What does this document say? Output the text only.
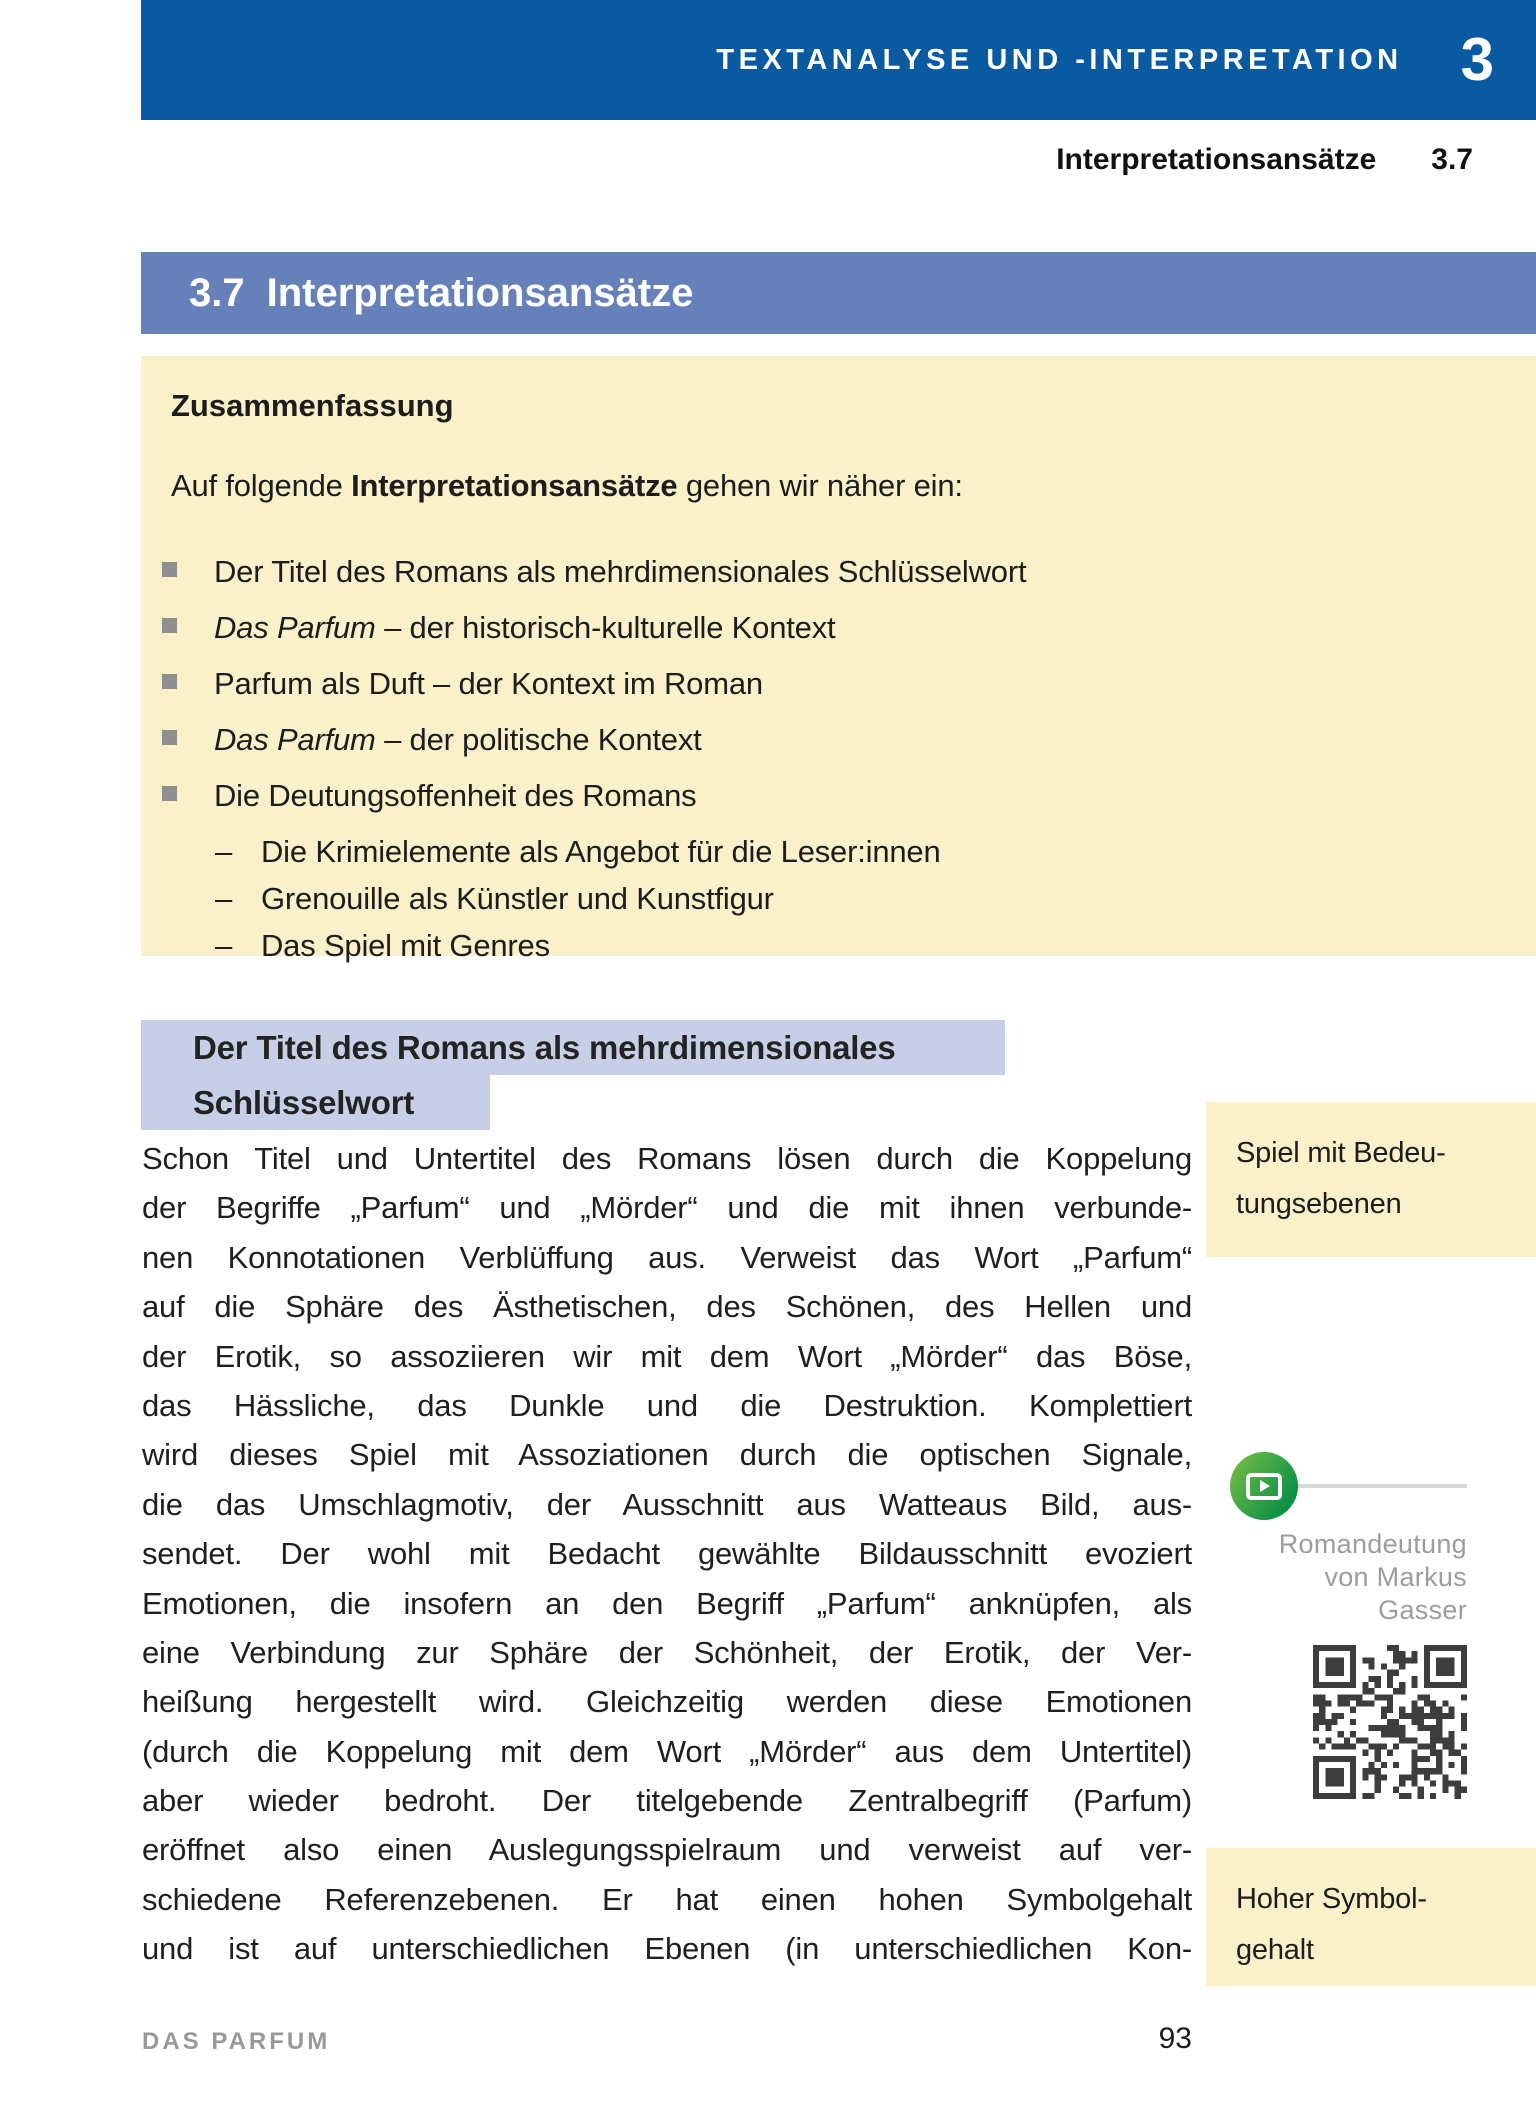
TEXTANALYSE UND -INTERPRETATION 3
Interpretationsansätze 3.7
3.7 Interpretationsansätze
Zusammenfassung
Auf folgende Interpretationsansätze gehen wir näher ein:
Der Titel des Romans als mehrdimensionales Schlüsselwort
Das Parfum – der historisch-kulturelle Kontext
Parfum als Duft – der Kontext im Roman
Das Parfum – der politische Kontext
Die Deutungsoffenheit des Romans
– Die Krimielemente als Angebot für die Leser:innen
– Grenouille als Künstler und Kunstfigur
– Das Spiel mit Genres
Der Titel des Romans als mehrdimensionales
Schlüsselwort
Schon Titel und Untertitel des Romans lösen durch die Koppelung
der Begriffe „Parfum“ und „Mörder“ und die mit ihnen verbunde-
nen Konnotationen Verblüffung aus. Verweist das Wort „Parfum“
auf die Sphäre des Ästhetischen, des Schönen, des Hellen und
der Erotik, so assoziieren wir mit dem Wort „Mörder“ das Böse,
das Hässliche, das Dunkle und die Destruktion. Komplettiert
wird dieses Spiel mit Assoziationen durch die optischen Signale,
die das Umschlagmotiv, der Ausschnitt aus Watteaus Bild, aus-
sendet. Der wohl mit Bedacht gewählte Bildausschnitt evoziert
Emotionen, die insofern an den Begriff „Parfum“ anknüpfen, als
eine Verbindung zur Sphäre der Schönheit, der Erotik, der Ver-
heißung hergestellt wird. Gleichzeitig werden diese Emotionen
(durch die Koppelung mit dem Wort „Mörder“ aus dem Untertitel)
aber wieder bedroht. Der titelgebende Zentralbegriff (Parfum)
eröffnet also einen Auslegungsspielraum und verweist auf ver-
schiedene Referenzebenen. Er hat einen hohen Symbolgehalt
und ist auf unterschiedlichen Ebenen (in unterschiedlichen Kon-
Spiel mit Bedeu-
tungsebenen
Romandeutung
von Markus
Gasser
Hoher Symbol-
gehalt
DAS PARFUM	93
